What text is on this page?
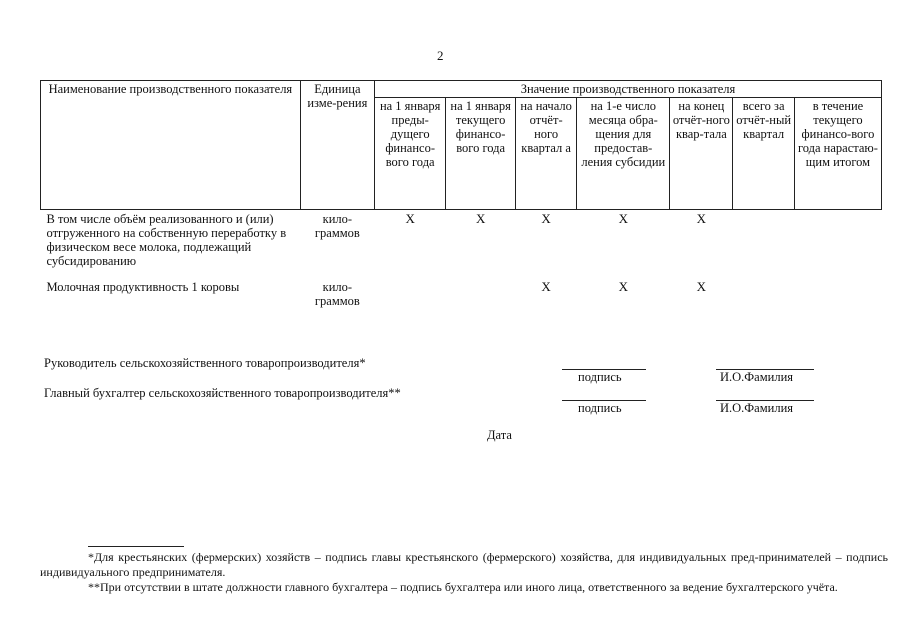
2
Наименование производственного показателя	Единица изме-рения	Значение производственного показателя						
		на 1 января преды-дущего финансо-вого года	на 1 января текущего финансо-вого года	на начало отчёт-ного квартал а	на 1-е число месяца обра-щения для предостав-ления субсидии	на конец отчёт-ного квар-тала	всего за отчёт-ный квартал	в течение текущего финансо-вого года нарастаю-щим итогом
В том числе объём реализованного и (или) отгруженного на собственную переработку в физическом весе молока, подлежащий субсидированию	кило-граммов	X	X	X	X	X		
Молочная продуктивность 1 коровы	кило-граммов			X	X	X		
Руководитель сельскохозяйственного товаропроизводителя*
подпись	И.О.Фамилия
Главный бухгалтер сельскохозяйственного товаропроизводителя**
подпись	И.О.Фамилия
Дата

*Для крестьянских (фермерских) хозяйств – подпись главы крестьянского (фермерского) хозяйства, для индивидуальных пред-принимателей – подпись индивидуального предпринимателя.

**При отсутствии в штате должности главного бухгалтера – подпись бухгалтера или иного лица, ответственного за ведение бухгалтерского учёта.
